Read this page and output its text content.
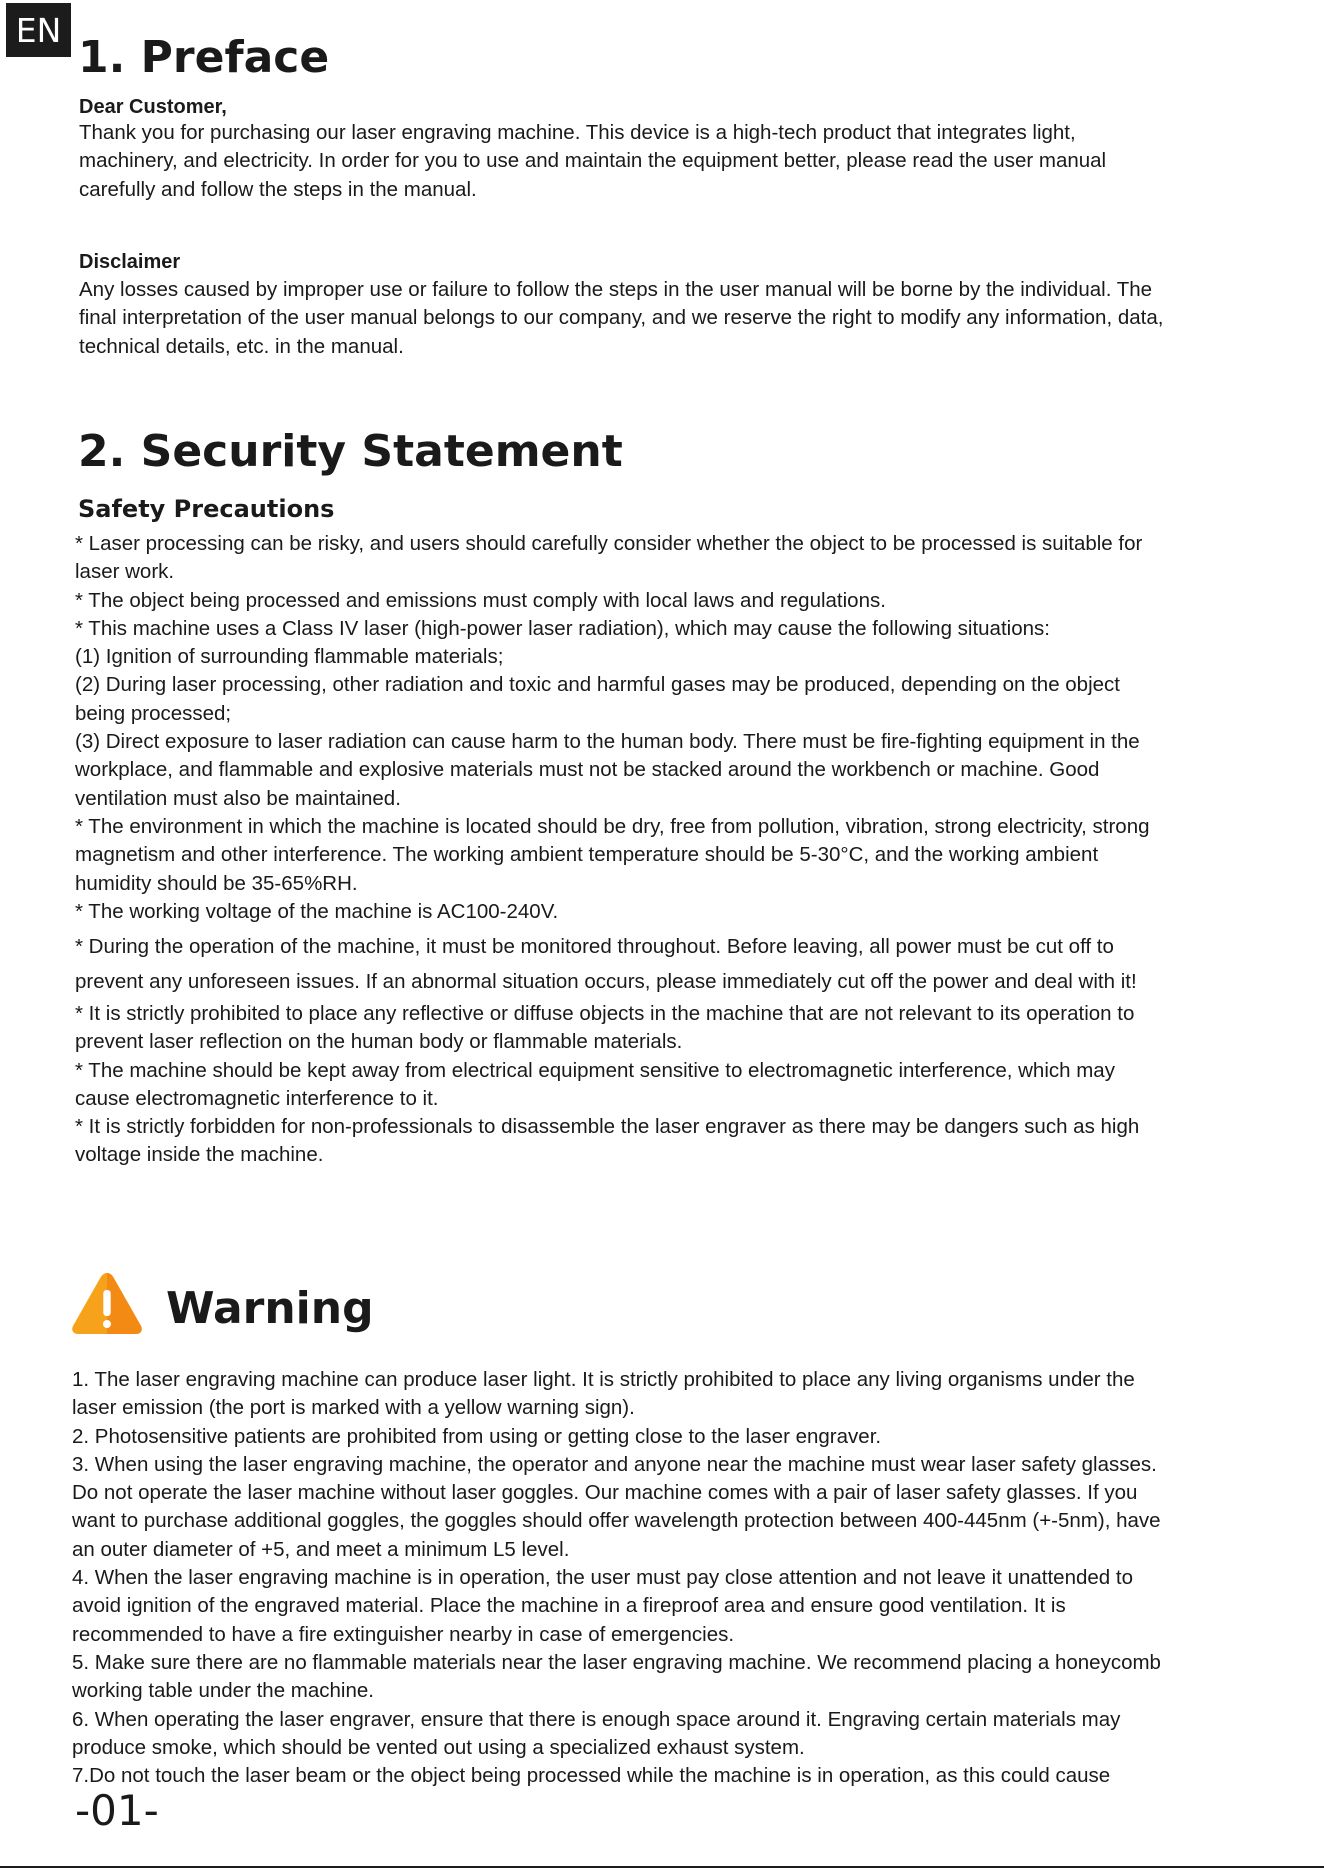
EN
1. Preface
Dear Customer,
Thank you for purchasing our laser engraving machine. This device is a high-tech product that integrates light,
machinery, and electricity. In order for you to use and maintain the equipment better, please read the user manual
carefully and follow the steps in the manual.
Disclaimer
Any losses caused by improper use or failure to follow the steps in the user manual will be borne by the individual. The
final interpretation of the user manual belongs to our company, and we reserve the right to modify any information, data,
technical details, etc. in the manual.
2. Security Statement
Safety Precautions
* Laser processing can be risky, and users should carefully consider whether the object to be processed is suitable for
laser work.
* The object being processed and emissions must comply with local laws and regulations.
* This machine uses a Class IV laser (high-power laser radiation), which may cause the following situations:
(1) Ignition of surrounding flammable materials;
(2) During laser processing, other radiation and toxic and harmful gases may be produced, depending on the object
being processed;
(3) Direct exposure to laser radiation can cause harm to the human body. There must be fire-fighting equipment in the
workplace, and flammable and explosive materials must not be stacked around the workbench or machine. Good
ventilation must also be maintained.
* The environment in which the machine is located should be dry, free from pollution, vibration, strong electricity, strong
magnetism and other interference. The working ambient temperature should be 5-30°C, and the working ambient
humidity should be 35-65%RH.
* The working voltage of the machine is AC100-240V.
* During the operation of the machine, it must be monitored throughout. Before leaving, all power must be cut off to
prevent any unforeseen issues. If an abnormal situation occurs, please immediately cut off the power and deal with it!
* It is strictly prohibited to place any reflective or diffuse objects in the machine that are not relevant to its operation to
prevent laser reflection on the human body or flammable materials.
* The machine should be kept away from electrical equipment sensitive to electromagnetic interference, which may
cause electromagnetic interference to it.
* It is strictly forbidden for non-professionals to disassemble the laser engraver as there may be dangers such as high
voltage inside the machine.
Warning
1. The laser engraving machine can produce laser light. It is strictly prohibited to place any living organisms under the
laser emission (the port is marked with a yellow warning sign).
2. Photosensitive patients are prohibited from using or getting close to the laser engraver.
3. When using the laser engraving machine, the operator and anyone near the machine must wear laser safety glasses.
Do not operate the laser machine without laser goggles. Our machine comes with a pair of laser safety glasses. If you
want to purchase additional goggles, the goggles should offer wavelength protection between 400-445nm (+-5nm), have
an outer diameter of +5, and meet a minimum L5 level.
4. When the laser engraving machine is in operation, the user must pay close attention and not leave it unattended to
avoid ignition of the engraved material. Place the machine in a fireproof area and ensure good ventilation. It is
recommended to have a fire extinguisher nearby in case of emergencies.
5. Make sure there are no flammable materials near the laser engraving machine. We recommend placing a honeycomb
working table under the machine.
6. When operating the laser engraver, ensure that there is enough space around it. Engraving certain materials may
produce smoke, which should be vented out using a specialized exhaust system.
7.Do not touch the laser beam or the object being processed while the machine is in operation, as this could cause
-01-
